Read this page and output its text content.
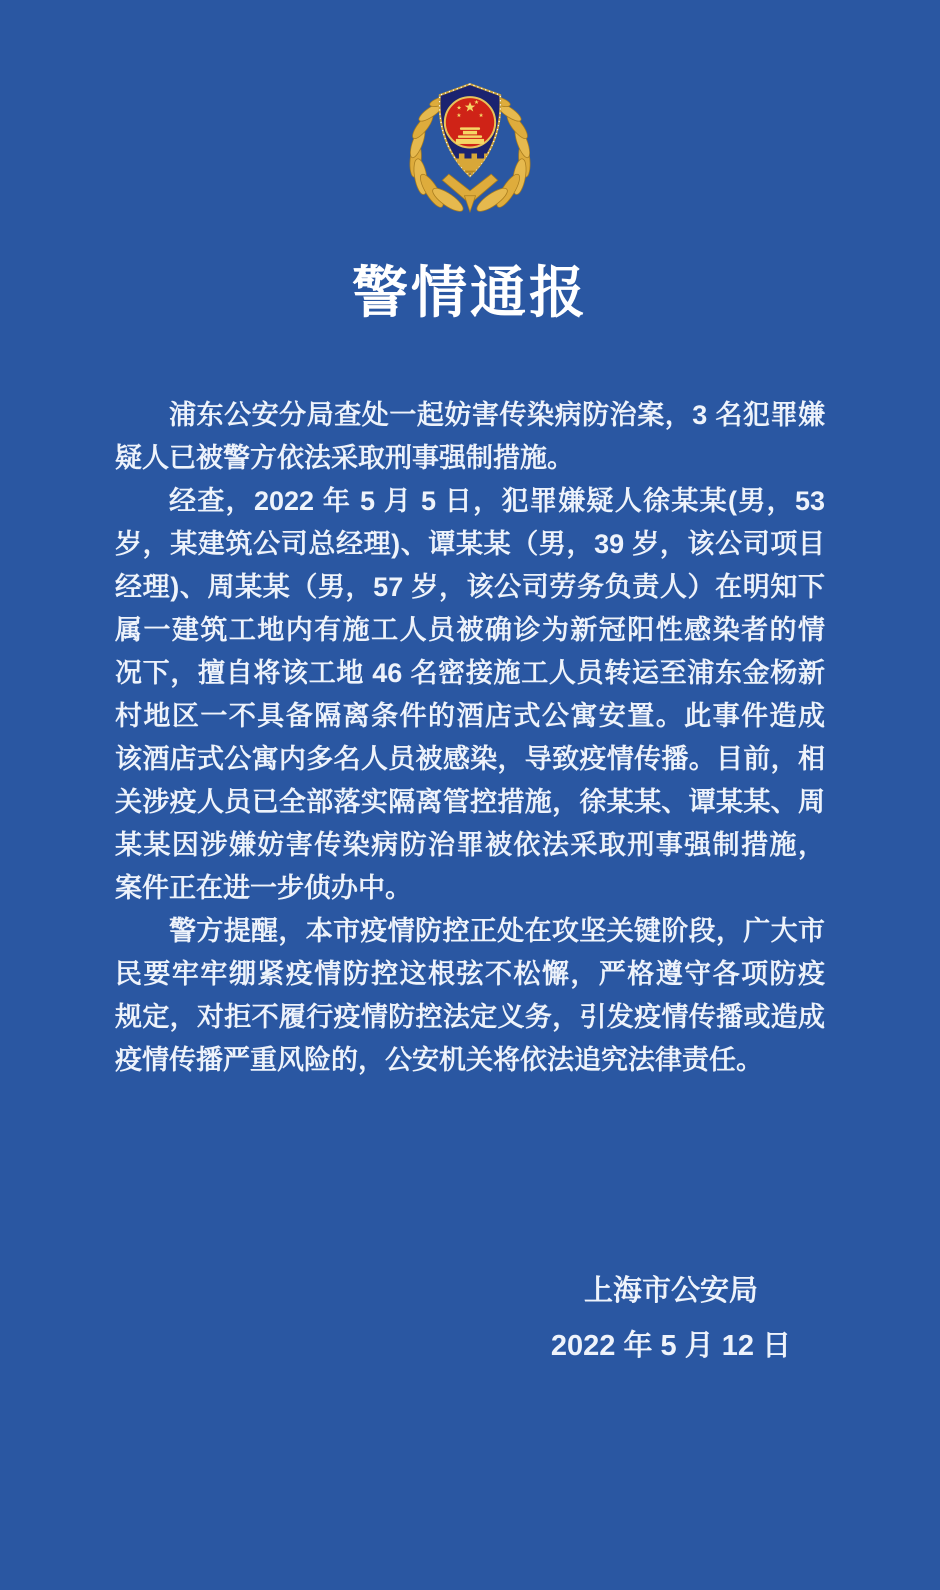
警情通报
浦东公安分局查处一起妨害传染病防治案，3 名犯罪嫌
疑人已被警方依法采取刑事强制措施。
经查，2022 年 5 月 5 日，犯罪嫌疑人徐某某(男，53
岁，某建筑公司总经理)、谭某某（男，39 岁，该公司项目
经理)、周某某（男，57 岁，该公司劳务负责人）在明知下
属一建筑工地内有施工人员被确诊为新冠阳性感染者的情
况下，擅自将该工地 46 名密接施工人员转运至浦东金杨新
村地区一不具备隔离条件的酒店式公寓安置。此事件造成
该酒店式公寓内多名人员被感染，导致疫情传播。目前，相
关涉疫人员已全部落实隔离管控措施，徐某某、谭某某、周
某某因涉嫌妨害传染病防治罪被依法采取刑事强制措施，
案件正在进一步侦办中。
警方提醒，本市疫情防控正处在攻坚关键阶段，广大市
民要牢牢绷紧疫情防控这根弦不松懈，严格遵守各项防疫
规定，对拒不履行疫情防控法定义务，引发疫情传播或造成
疫情传播严重风险的，公安机关将依法追究法律责任。
上海市公安局
2022 年 5 月 12 日
